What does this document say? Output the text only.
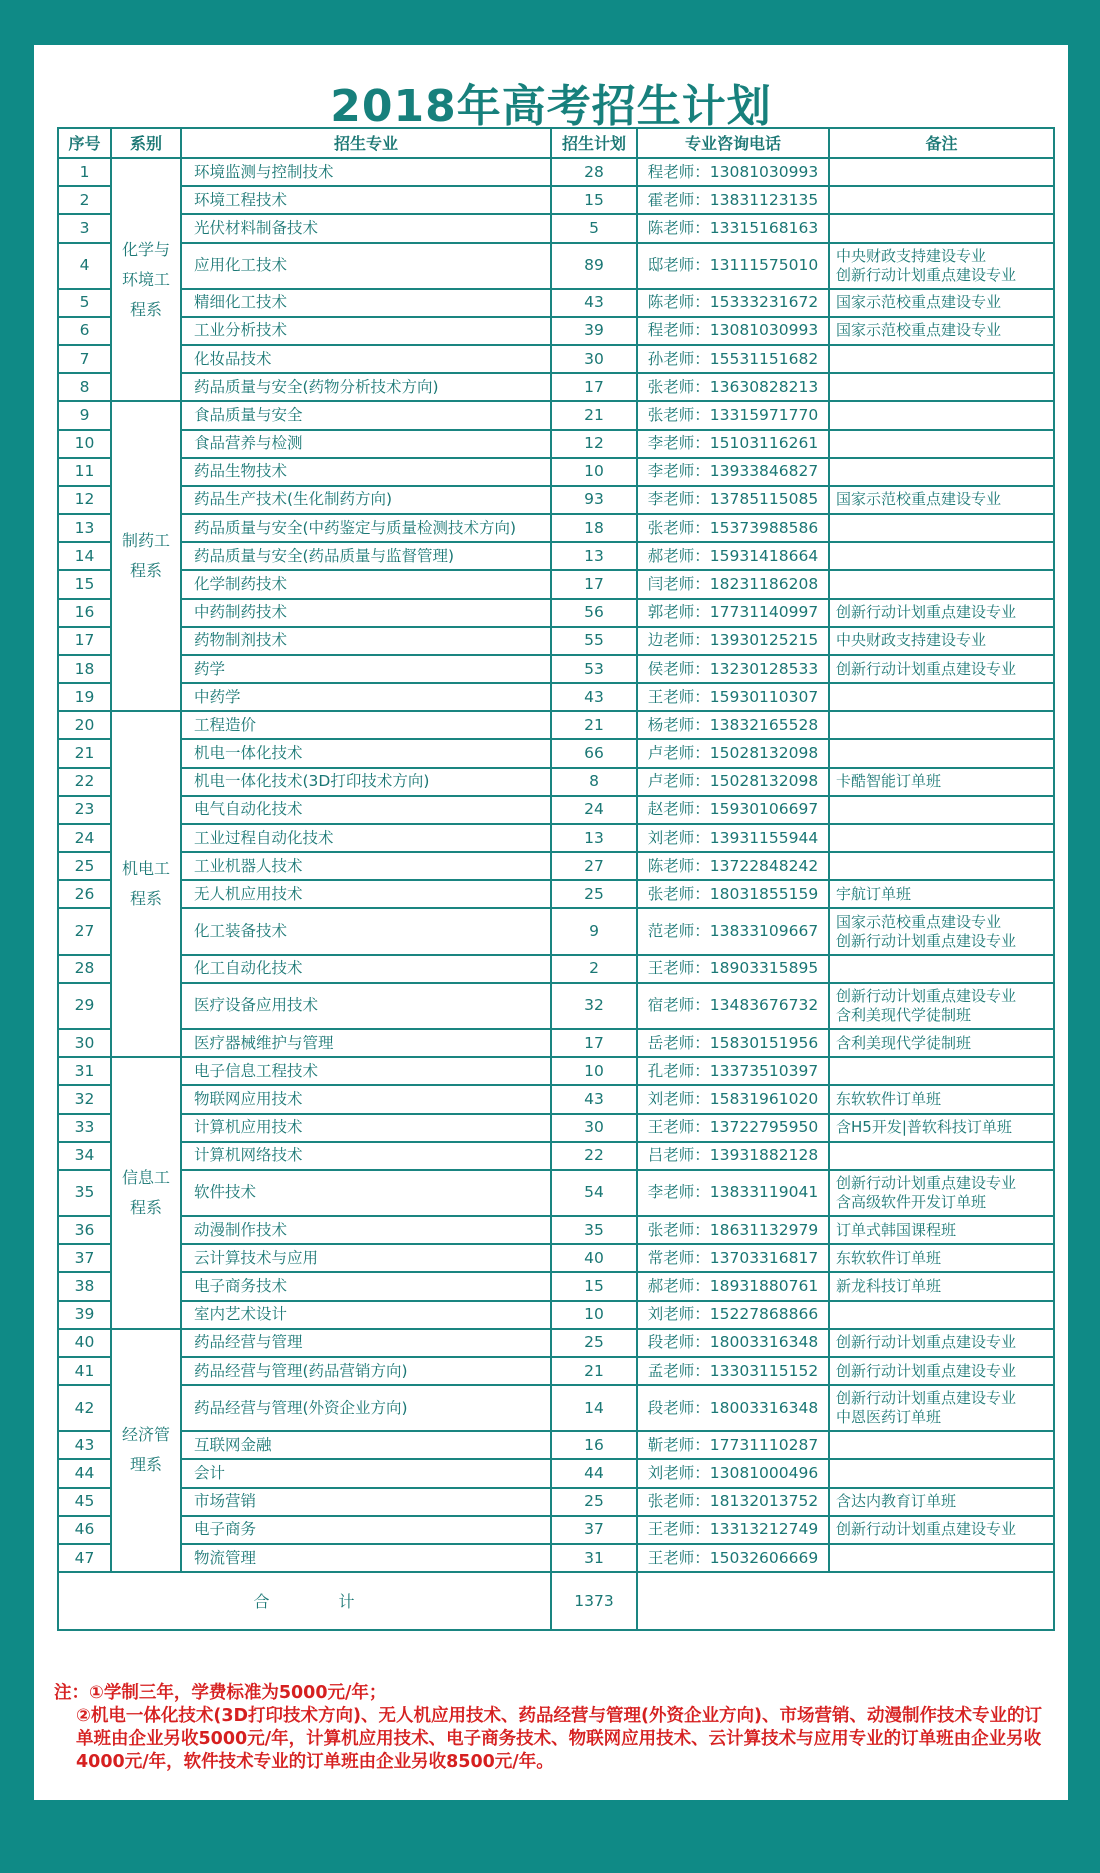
2018年高考招生计划
序号	系别	招生专业	招生计划	专业咨询电话	备注
1	化学与环境工程系	环境监测与控制技术	28	程老师：13081030993	
2		环境工程技术	15	霍老师：13831123135	
3		光伏材料制备技术	5	陈老师：13315168163	
4		应用化工技术	89	邸老师：13111575010	中央财政支持建设专业
创新行动计划重点建设专业
5		精细化工技术	43	陈老师：15333231672	国家示范校重点建设专业
6		工业分析技术	39	程老师：13081030993	国家示范校重点建设专业
7		化妆品技术	30	孙老师：15531151682	
8		药品质量与安全(药物分析技术方向)	17	张老师：13630828213	
9	制药工程系	食品质量与安全	21	张老师：13315971770	
10		食品营养与检测	12	李老师：15103116261	
11		药品生物技术	10	李老师：13933846827	
12		药品生产技术(生化制药方向)	93	李老师：13785115085	国家示范校重点建设专业
13		药品质量与安全(中药鉴定与质量检测技术方向)	18	张老师：15373988586	
14		药品质量与安全(药品质量与监督管理)	13	郝老师：15931418664	
15		化学制药技术	17	闫老师：18231186208	
16		中药制药技术	56	郭老师：17731140997	创新行动计划重点建设专业
17		药物制剂技术	55	边老师：13930125215	中央财政支持建设专业
18		药学	53	侯老师：13230128533	创新行动计划重点建设专业
19		中药学	43	王老师：15930110307	
20	机电工程系	工程造价	21	杨老师：13832165528	
21		机电一体化技术	66	卢老师：15028132098	
22		机电一体化技术(3D打印技术方向)	8	卢老师：15028132098	卡酷智能订单班
23		电气自动化技术	24	赵老师：15930106697	
24		工业过程自动化技术	13	刘老师：13931155944	
25		工业机器人技术	27	陈老师：13722848242	
26		无人机应用技术	25	张老师：18031855159	宇航订单班
27		化工装备技术	9	范老师：13833109667	国家示范校重点建设专业
创新行动计划重点建设专业
28		化工自动化技术	2	王老师：18903315895	
29		医疗设备应用技术	32	宿老师：13483676732	创新行动计划重点建设专业
含利美现代学徒制班
30		医疗器械维护与管理	17	岳老师：15830151956	含利美现代学徒制班
31	信息工程系	电子信息工程技术	10	孔老师：13373510397	
32		物联网应用技术	43	刘老师：15831961020	东软软件订单班
33		计算机应用技术	30	王老师：13722795950	含H5开发|普软科技订单班
34		计算机网络技术	22	吕老师：13931882128	
35		软件技术	54	李老师：13833119041	创新行动计划重点建设专业
含高级软件开发订单班
36		动漫制作技术	35	张老师：18631132979	订单式韩国课程班
37		云计算技术与应用	40	常老师：13703316817	东软软件订单班
38		电子商务技术	15	郝老师：18931880761	新龙科技订单班
39		室内艺术设计	10	刘老师：15227868866	
40	经济管理系	药品经营与管理	25	段老师：18003316348	创新行动计划重点建设专业
41		药品经营与管理(药品营销方向)	21	孟老师：13303115152	创新行动计划重点建设专业
42		药品经营与管理(外资企业方向)	14	段老师：18003316348	创新行动计划重点建设专业
中恩医药订单班
43		互联网金融	16	靳老师：17731110287	
44		会计	44	刘老师：13081000496	
45		市场营销	25	张老师：18132013752	含达内教育订单班
46		电子商务	37	王老师：13313212749	创新行动计划重点建设专业
47		物流管理	31	王老师：15032606669	
合　　　　计			1373		

注：①学制三年，学费标准为5000元/年；

②机电一体化技术(3D打印技术方向)、无人机应用技术、药品经营与管理(外资企业方向)、市场营销、动漫制作技术专业的订单班由企业另收5000元/年，计算机应用技术、电子商务技术、物联网应用技术、云计算技术与应用专业的订单班由企业另收4000元/年，软件技术专业的订单班由企业另收8500元/年。
